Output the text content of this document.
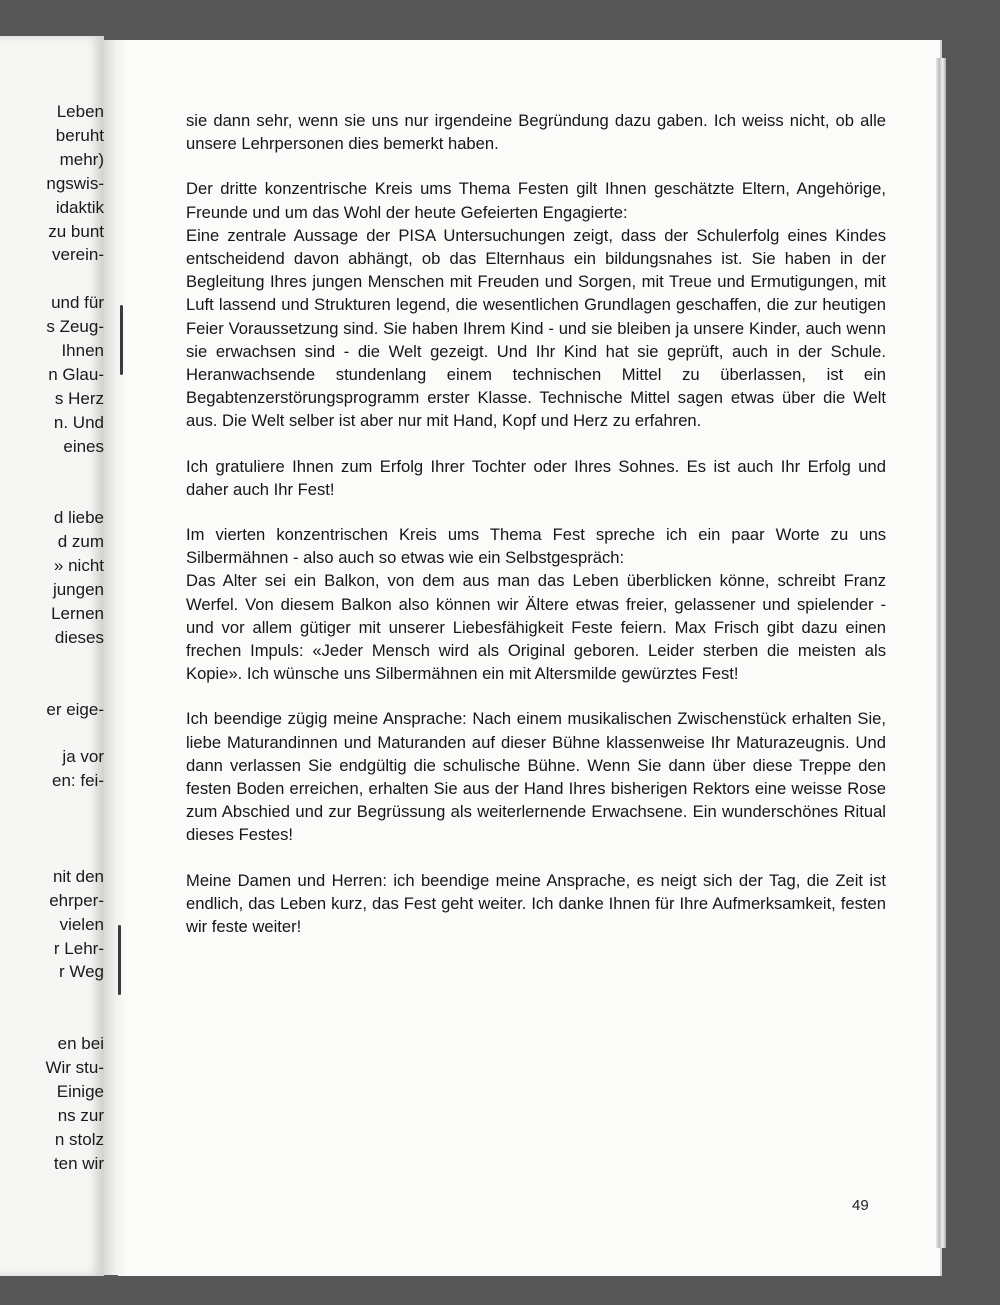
Leben
beruht
mehr)
ngswis-
idaktik
zu bunt
verein-
und für
s Zeug-
Ihnen
n Glau-
s Herz
n. Und
eines
d liebe
d zum
» nicht
jungen
Lernen
dieses
er eige-
ja vor
en: fei-
nit den
ehrper-
vielen
r Lehr-
r Weg
en bei
Wir stu-
Einige
ns zur
n stolz
ten wir

sie dann sehr, wenn sie uns nur irgendeine Begründung dazu gaben. Ich weiss nicht, ob alle unsere Lehrpersonen dies bemerkt haben.

Der dritte konzentrische Kreis ums Thema Festen gilt Ihnen geschätzte Eltern, Angehörige, Freunde und um das Wohl der heute Gefeierten Engagierte:
Eine zentrale Aussage der PISA Untersuchungen zeigt, dass der Schulerfolg eines Kindes entscheidend davon abhängt, ob das Elternhaus ein bildungsnahes ist. Sie haben in der Begleitung Ihres jungen Menschen mit Freuden und Sorgen, mit Treue und Ermutigungen, mit Luft lassend und Strukturen legend, die wesentlichen Grundlagen geschaffen, die zur heutigen Feier Voraussetzung sind. Sie haben Ihrem Kind - und sie bleiben ja unsere Kinder, auch wenn sie erwachsen sind - die Welt gezeigt. Und Ihr Kind hat sie geprüft, auch in der Schule. Heranwachsende stundenlang einem technischen Mittel zu überlassen, ist ein Begabtenzerstörungsprogramm erster Klasse. Technische Mittel sagen etwas über die Welt aus. Die Welt selber ist aber nur mit Hand, Kopf und Herz zu erfahren.

Ich gratuliere Ihnen zum Erfolg Ihrer Tochter oder Ihres Sohnes. Es ist auch Ihr Erfolg und daher auch Ihr Fest!

Im vierten konzentrischen Kreis ums Thema Fest spreche ich ein paar Worte zu uns Silbermähnen - also auch so etwas wie ein Selbstgespräch:
Das Alter sei ein Balkon, von dem aus man das Leben überblicken könne, schreibt Franz Werfel. Von diesem Balkon also können wir Ältere etwas freier, gelassener und spielender - und vor allem gütiger mit unserer Liebesfähigkeit Feste feiern. Max Frisch gibt dazu einen frechen Impuls: «Jeder Mensch wird als Original geboren. Leider sterben die meisten als Kopie». Ich wünsche uns Silbermähnen ein mit Altersmilde gewürztes Fest!

Ich beendige zügig meine Ansprache: Nach einem musikalischen Zwischenstück erhalten Sie, liebe Maturandinnen und Maturanden auf dieser Bühne klassenweise Ihr Maturazeugnis. Und dann verlassen Sie endgültig die schulische Bühne. Wenn Sie dann über diese Treppe den festen Boden erreichen, erhalten Sie aus der Hand Ihres bisherigen Rektors eine weisse Rose zum Abschied und zur Begrüssung als weiterlernende Erwachsene. Ein wunderschönes Ritual dieses Festes!

Meine Damen und Herren: ich beendige meine Ansprache, es neigt sich der Tag, die Zeit ist endlich, das Leben kurz, das Fest geht weiter. Ich danke Ihnen für Ihre Aufmerksamkeit, festen wir feste weiter!

49
